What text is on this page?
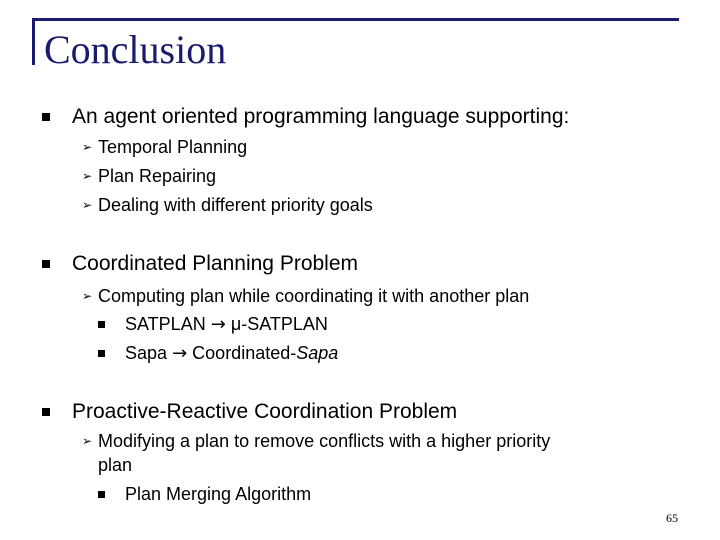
Conclusion
An agent oriented programming language supporting:
➢ Temporal Planning
➢ Plan Repairing
➢ Dealing with different priority goals
Coordinated Planning Problem
➢ Computing plan while coordinating it with another plan
SATPLAN → μ-SATPLAN
Sapa → Coordinated-Sapa
Proactive-Reactive Coordination Problem
➢ Modifying a plan to remove conflicts with a higher priority
plan
Plan Merging Algorithm
65
